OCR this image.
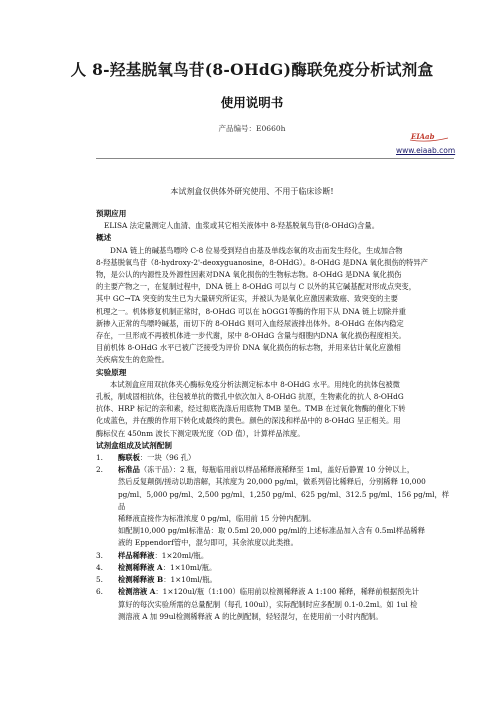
人 8-羟基脱氧鸟苷(8-OHdG)酶联免疫分析试剂盒
使用说明书
产品编号：E0660h
EIAab
www.eiaab.com
本试剂盒仅供体外研究使用、不用于临床诊断!
预期应用

ELISA 法定量测定人血清、血浆或其它相关液体中 8-羟基脱氧鸟苷(8-OHdG)含量。

概述
DNA 链上的碱基鸟嘌呤 C-8 位易受到羟自由基及单线态氧的攻击而发生羟化，生成加合物
8-羟基脱氧鸟苷（8-hydroxy-2'-deoxyguanosine，8-OHdG）。8-OHdG 是DNA 氧化损伤的特异产
物，是公认的内源性及外源性因素对DNA 氧化损伤的生物标志物。8-OHdG 是DNA 氧化损伤
的主要产物之一，在复制过程中，DNA 链上 8-OHdG 可以与 C 以外的其它碱基配对形成点突变，
其中 GC→TA 突变的发生已为大量研究所证实，并被认为是氧化应激因素致癌、致突变的主要
机理之一。机体修复机制正常时，8-OHdG 可以在 hOGG1等酶的作用下从 DNA 链上切除并重
新掺入正常的鸟嘌呤碱基，而切下的 8-OHdG 则可入血经尿液排出体外。8-OHdG 在体内稳定
存在，一旦形成不再被机体进一步代谢，尿中 8-OHdG 含量与细胞内DNA 氧化损伤程度相关。
目前机体 8-OHdG 水平已被广泛接受为评价 DNA 氧化损伤的标志物，并用来估计氧化应激相
关疾病发生的危险性。
实验原理
本试剂盒应用双抗体夹心酶标免疫分析法测定标本中 8-OHdG 水平。用纯化的抗体包被微
孔板，制成固相抗体，往包被单抗的微孔中依次加入 8-OHdG 抗原，生物素化的抗人 8-OHdG
抗体、HRP 标记的亲和素，经过彻底洗涤后用底物 TMB 显色。TMB 在过氧化物酶的催化下转
化成蓝色，并在酸的作用下转化成最终的黄色。颜色的深浅和样品中的 8-OHdG 呈正相关。用
酶标仪在 450nm 波长下测定吸光度（OD 值），计算样品浓度。
试剂盒组成及试剂配制
1.	酶联板：一块（96 孔）
2.	标准品（冻干品）：2 瓶，每瓶临用前以样品稀释液稀释至 1ml，盖好后静置 10 分钟以上，
然后反复颠倒/搓动以助溶解，其浓度为 20,000 pg/ml，做系列倍比稀释后，分别稀释 10,000
pg/ml、5,000 pg/ml、2,500 pg/ml、1,250 pg/ml、625 pg/ml、312.5 pg/ml、156 pg/ml，样品
稀释液直接作为标准浓度 0 pg/ml，临用前 15 分钟内配制。
如配制10,000 pg/ml标准品：取 0.5ml 20,000 pg/ml的上述标准品加入含有 0.5ml样品稀释
液的 Eppendorf管中，混匀即可，其余浓度以此类推。
3.	样品稀释液：1×20ml/瓶。
4.	检测稀释液 A：1×10ml/瓶。
5.	检测稀释液 B：1×10ml/瓶。
6.	检测溶液 A：1×120ul/瓶（1:100）临用前以检测稀释液 A 1:100 稀释，稀释前根据预先计
算好的每次实验所需的总量配制（每孔 100ul），实际配制时应多配制 0.1-0.2ml。如 1ul 检
测溶液 A 加 99ul检测稀释液 A 的比例配制，轻轻混匀，在使用前一小时内配制。
